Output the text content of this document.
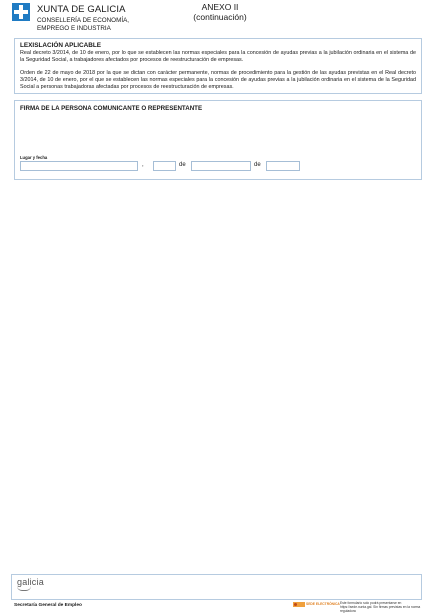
XUNTA DE GALICIA
CONSELLERÍA DE ECONOMÍA,
EMPREGO E INDUSTRIA
ANEXO II
(continuación)
LEXISLACIÓN APLICABLE
Real decreto 3/2014, de 10 de enero, por lo que se establecen las normas especiales para la concesión de ayudas previas a la jubilación ordinaria en el sistema de la Seguridad Social, a trabajadores afectados por procesos de reestructuración de empresas.
Orden de 22 de mayo de 2018 por la que se dictan con carácter permanente, normas de procedimiento para la gestión de las ayudas previstas en el Real decreto 3/2014, de 10 de enero, por el que se establecen las normas especiales para la concesión de ayudas previas a la jubilación ordinaria en el sistema de la Seguridad Social a personas trabajadoras afectadas por procesos de reestructuración de empresas.
FIRMA DE LA PERSONA COMUNICANTE O REPRESENTANTE
Lugar y fecha
,	de	de
galicia
Secretaría General de Empleo	SEDE ELECTRÓNICA Este formulario solo podrá presentarse en https://sede.xunta.gal. Sin firmas previstas en la norma reguladora
